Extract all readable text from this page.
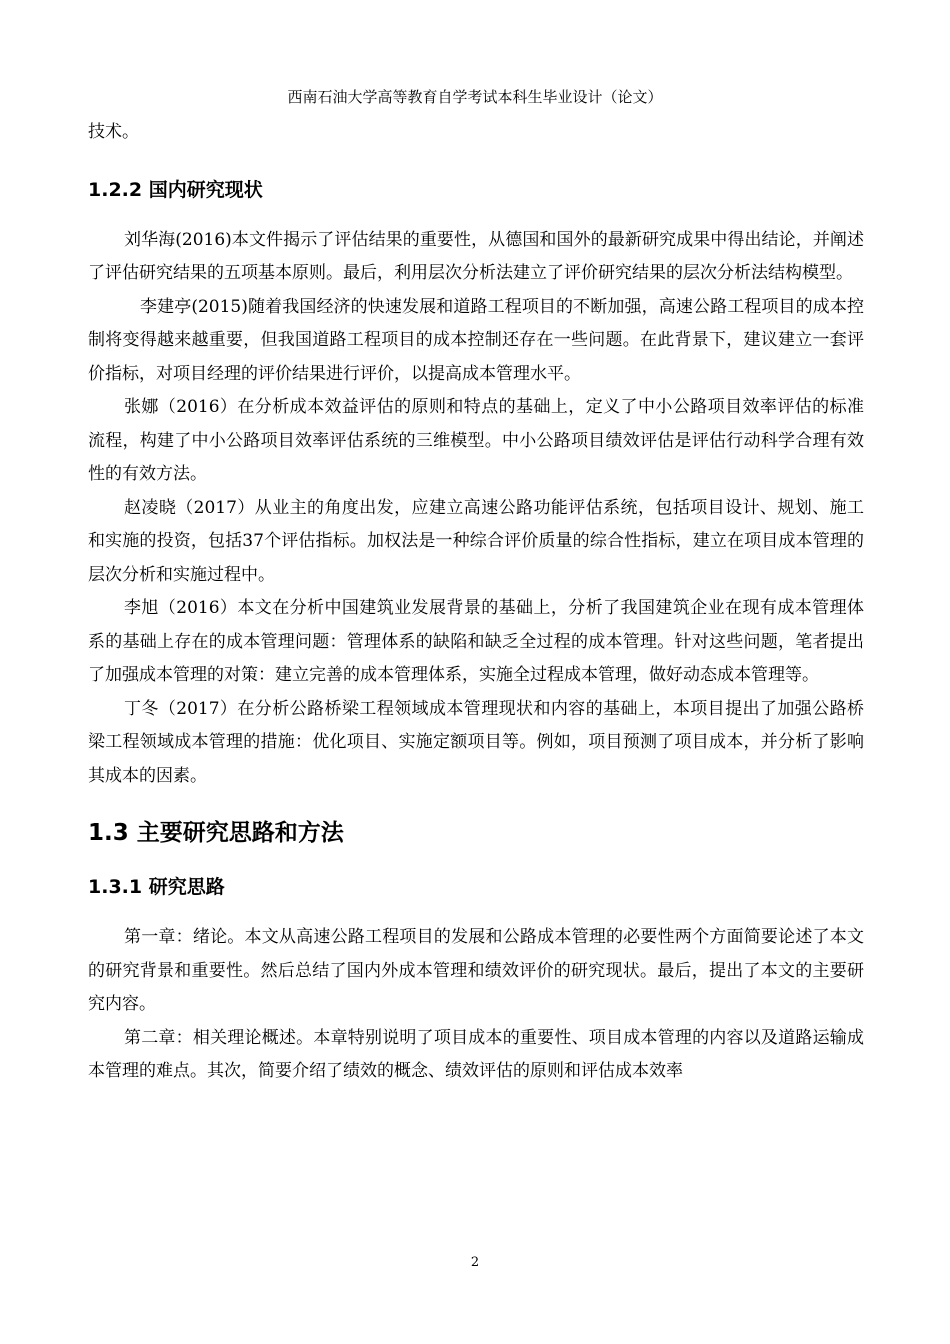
西南石油大学高等教育自学考试本科生毕业设计（论文）

技术。

1.2.2 国内研究现状

刘华海(2016)本文件揭示了评估结果的重要性，从德国和国外的最新研究成果中得出结论，并阐述了评估研究结果的五项基本原则。最后，利用层次分析法建立了评价研究结果的层次分析法结构模型。

李建亭(2015)随着我国经济的快速发展和道路工程项目的不断加强，高速公路工程项目的成本控制将变得越来越重要，但我国道路工程项目的成本控制还存在一些问题。在此背景下，建议建立一套评价指标，对项目经理的评价结果进行评价，以提高成本管理水平。

张娜（2016）在分析成本效益评估的原则和特点的基础上，定义了中小公路项目效率评估的标准流程，构建了中小公路项目效率评估系统的三维模型。中小公路项目绩效评估是评估行动科学合理有效性的有效方法。

赵凌晓（2017）从业主的角度出发，应建立高速公路功能评估系统，包括项目设计、规划、施工和实施的投资，包括37个评估指标。加权法是一种综合评价质量的综合性指标，建立在项目成本管理的层次分析和实施过程中。

李旭（2016）本文在分析中国建筑业发展背景的基础上，分析了我国建筑企业在现有成本管理体系的基础上存在的成本管理问题：管理体系的缺陷和缺乏全过程的成本管理。针对这些问题，笔者提出了加强成本管理的对策：建立完善的成本管理体系，实施全过程成本管理，做好动态成本管理等。

丁冬（2017）在分析公路桥梁工程领域成本管理现状和内容的基础上，本项目提出了加强公路桥梁工程领域成本管理的措施：优化项目、实施定额项目等。例如，项目预测了项目成本，并分析了影响其成本的因素。

1.3 主要研究思路和方法
1.3.1 研究思路

第一章：绪论。本文从高速公路工程项目的发展和公路成本管理的必要性两个方面简要论述了本文的研究背景和重要性。然后总结了国内外成本管理和绩效评价的研究现状。最后，提出了本文的主要研究内容。

第二章：相关理论概述。本章特别说明了项目成本的重要性、项目成本管理的内容以及道路运输成本管理的难点。其次，简要介绍了绩效的概念、绩效评估的原则和评估成本效率

2
